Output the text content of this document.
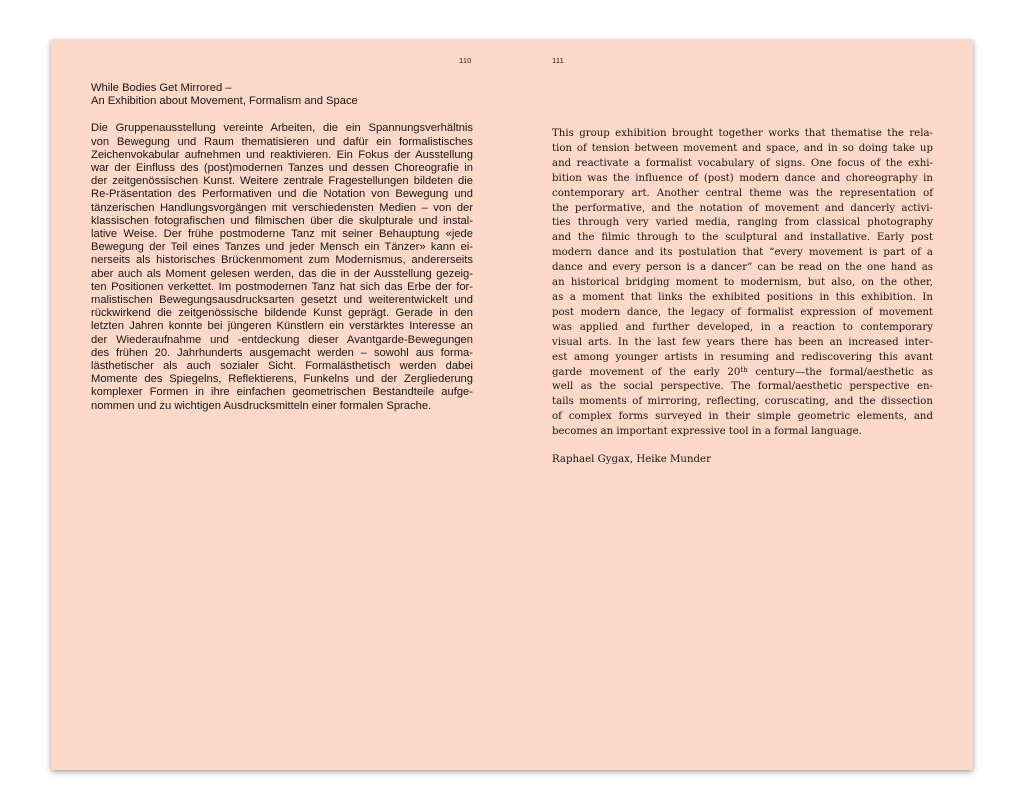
110	111
While Bodies Get Mirrored –
An Exhibition about Movement, Formalism and Space
Die Gruppenausstellung vereinte Arbeiten, die ein Spannungsverhältnis
von Bewegung und Raum thematisieren und dafür ein formalistisches
Zeichenvokabular aufnehmen und reaktivieren. Ein Fokus der Ausstellung
war der Einfluss des (post)modernen Tanzes und dessen Choreografie in
der zeitgenössischen Kunst. Weitere zentrale Fragestellungen bildeten die
Re-Präsentation des Performativen und die Notation von Bewegung und
tänzerischen Handlungsvorgängen mit verschiedensten Medien – von der
klassischen fotografischen und filmischen über die skulpturale und instal-
lative Weise. Der frühe postmoderne Tanz mit seiner Behauptung «jede
Bewegung der Teil eines Tanzes und jeder Mensch ein Tänzer» kann ei-
nerseits als historisches Brückenmoment zum Modernismus, andererseits
aber auch als Moment gelesen werden, das die in der Ausstellung gezeig-
ten Positionen verkettet. Im postmodernen Tanz hat sich das Erbe der for-
malistischen Bewegungsausdrucksarten gesetzt und weiterentwickelt und
rückwirkend die zeitgenössische bildende Kunst geprägt. Gerade in den
letzten Jahren konnte bei jüngeren Künstlern ein verstärktes Interesse an
der Wiederaufnahme und -entdeckung dieser Avantgarde-Bewegungen
des frühen 20. Jahrhunderts ausgemacht werden – sowohl aus forma-
lästhetischer als auch sozialer Sicht. Formalästhetisch werden dabei
Momente des Spiegelns, Reflektierens, Funkelns und der Zergliederung
komplexer Formen in ihre einfachen geometrischen Bestandteile aufge-
nommen und zu wichtigen Ausdrucksmitteln einer formalen Sprache.
This group exhibition brought together works that thematise the rela-
tion of tension between movement and space, and in so doing take up
and reactivate a formalist vocabulary of signs. One focus of the exhi-
bition was the influence of (post) modern dance and choreography in
contemporary art. Another central theme was the representation of
the performative, and the notation of movement and dancerly activi-
ties through very varied media, ranging from classical photography
and the filmic through to the sculptural and installative. Early post
modern dance and its postulation that “every movement is part of a
dance and every person is a dancer” can be read on the one hand as
an historical bridging moment to modernism, but also, on the other,
as a moment that links the exhibited positions in this exhibition. In
post modern dance, the legacy of formalist expression of movement
was applied and further developed, in a reaction to contemporary
visual arts. In the last few years there has been an increased inter-
est among younger artists in resuming and rediscovering this avant
garde movement of the early 20th century—the formal/aesthetic as
well as the social perspective. The formal/aesthetic perspective en-
tails moments of mirroring, reflecting, coruscating, and the dissection
of complex forms surveyed in their simple geometric elements, and
becomes an important expressive tool in a formal language.
Raphael Gygax, Heike Munder
